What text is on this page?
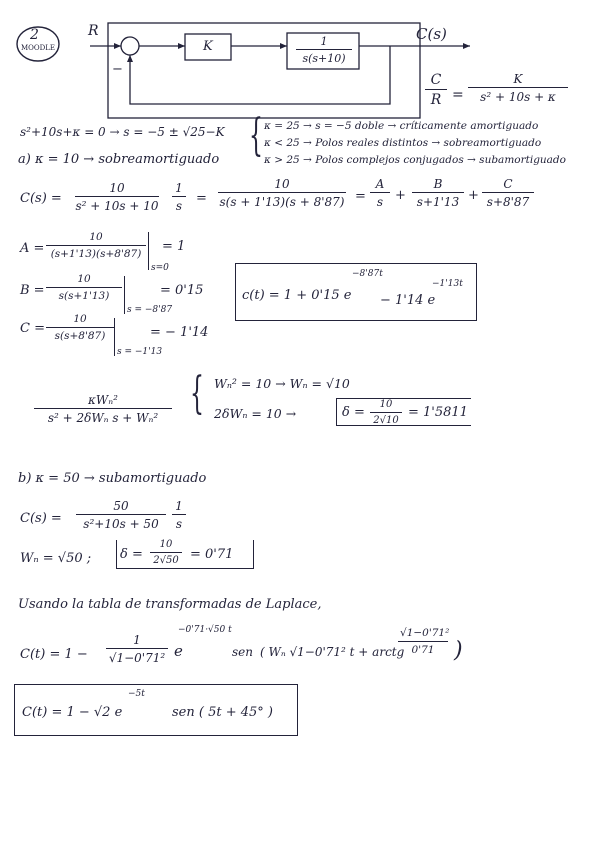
2
MOODLE
R	C(s)
K
−
1
s(s+10)
C
R =
K
s² + 10s + κ
s²+10s+κ = 0 → s = −5 ± √25−K { κ = 25 → s = −5 doble → críticamente amortiguado
κ < 25 → Polos reales distintos → sobreamortiguado
κ > 25 → Polos complejos conjugados → subamortiguado
a) κ = 10 → sobreamortiguado
C(s) =
10
s² + 10s + 10
1
s	=
10
s(s + 1'13)(s + 8'87) =
A
s +
B
s+1'13 +
C
s+8'87
A =
10
(s+1'13)(s+8'87)
s=0
= 1
B =
10
s(s+1'13)
s = −8'87
= 0'15
C =
10
s(s+8'87)
s = −1'13
= − 1'14
c(t) = 1 + 0'15 e
−8'87t
− 1'14 e
−1'13t
κWₙ²
s² + 2δWₙ s + Wₙ² { Wₙ² = 10 → Wₙ = √10
2δWₙ = 10 →	δ =
10
2√10
= 1'5811
b) κ = 50 → subamortiguado
C(s) =
50
s²+10s + 50
1
s
Wₙ = √50 ; δ =
10
2√50 = 0'71
Usando la tabla de transformadas de Laplace,
C(t) = 1 −
1
√1−0'71² e
−0'71·√50 t
sen ( Wₙ √1−0'71² t + arctg
√1−0'71²
0'71 )
C(t) = 1 − √2 e
−5t
sen ( 5t + 45° )
